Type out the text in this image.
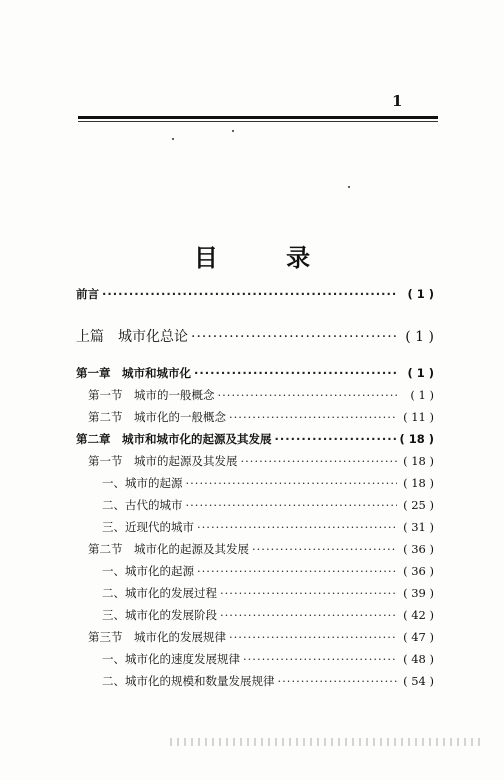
1
目 录
前言 ·····	( 1 )
上篇　城市化总论 ·····	( 1 )
第一章　城市和城市化 ·····	( 1 )
第一节　城市的一般概念 ·····	( 1 )
第二节　城市化的一般概念 ·····	( 11 )
第二章　城市和城市化的起源及其发展 ·····	( 18 )
第一节　城市的起源及其发展 ·····	( 18 )
一、城市的起源 ·····	( 18 )
二、古代的城市 ·····	( 25 )
三、近现代的城市 ·····	( 31 )
第二节　城市化的起源及其发展 ·····	( 36 )
一、城市化的起源 ·····	( 36 )
二、城市化的发展过程 ·····	( 39 )
三、城市化的发展阶段 ·····	( 42 )
第三节　城市化的发展规律 ·····	( 47 )
一、城市化的速度发展规律 ·····	( 48 )
二、城市化的规模和数量发展规律 ·····	( 54 )
